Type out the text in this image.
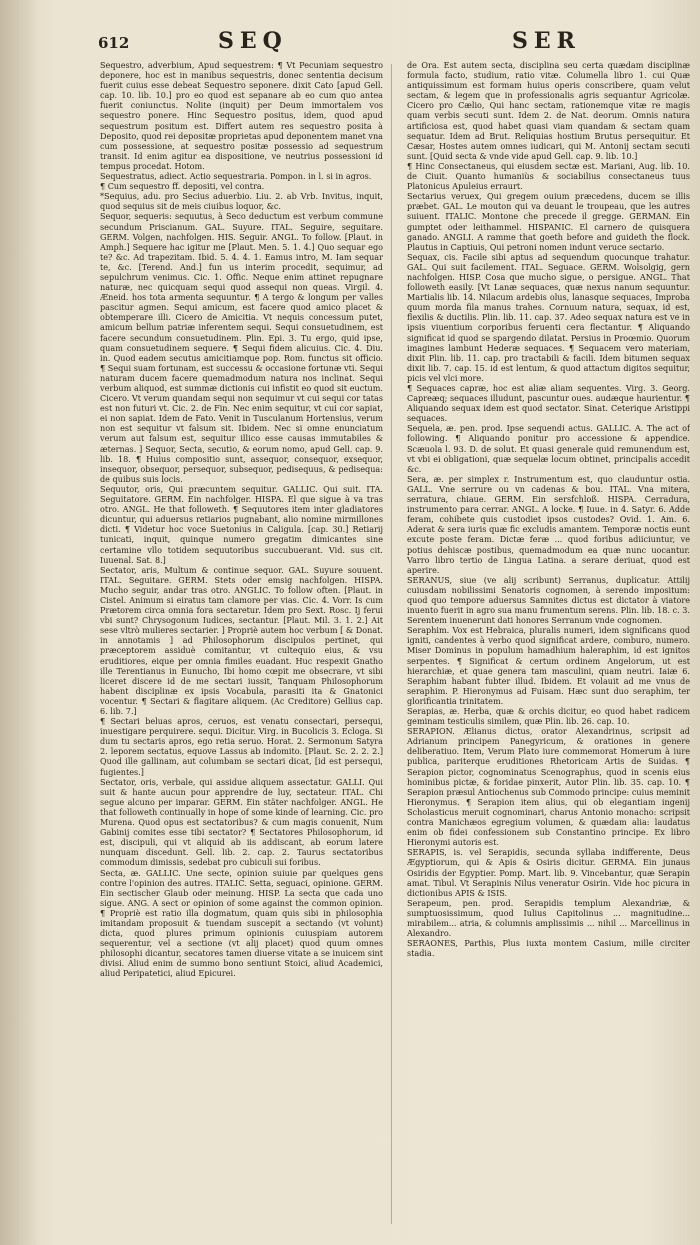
612	SEQ	SER

Sequestro, adverbium, Apud sequestrem: ¶ Vt Pecuniam sequestro deponere, hoc est in manibus sequestris, donec sententia decisum fuerit cuius esse debeat Sequestro seponere. dixit Cato [apud Gell. cap. 10. lib. 10.] pro eo quod est sepanare ab eo cum quo antea fuerit coniunctus. Nolite (inquit) per Deum immortalem vos sequestro ponere. Hinc Sequestro positus, idem, quod apud sequestrum positum est. Differt autem res sequestro posita à Deposito, quod rei depositæ proprietas apud deponentem manet vna cum possessione, at sequestro positæ possessio ad sequestrum transit. Id enim agitur ea dispositione, ve neutrius possessioni id tempus procedat. Hotom.

Sequestratus, adiect. Actio sequestraria. Pompon. in l. si in agros.

¶ Cum sequestro ff. depositi, vel contra.

*Sequius, adu. pro Secius aduerbio. Liu. 2. ab Vrb. Invitus, inquit, quod sequius sit de meis ciuibus loquor, &c.

Sequor, sequeris: sequutus, à Seco deductum est verbum commune secundum Priscianum. GAL. Suyure. ITAL. Seguire, seguitare. GERM. Volgen, nachfolgen. HIS. Seguir. ANGL. To follow. [Plaut. in Amph.] Sequere hac igitur me [Plaut. Men. 5. 1. 4.] Quo sequar ego te? &c. Ad trapezitam. Ibid. 5. 4. 4. 1. Eamus intro, M. Iam sequar te, &c. [Terend. And.] fun us interim procedit, sequimur, ad sepulchrum venimus. Cic. 1. Offic. Neque enim attinet repugnare naturæ, nec quicquam sequi quod assequi non queas. Virgil. 4. Æneid. hos tota armenta sequuntur. ¶ A tergo & longum per valles pascitur agmen. Sequi amicum, est facere quod amico placet & obtemperare illi. Cicero de Amicitia. Vt nequis concessum putet, amicum bellum patriæ inferentem sequi. Sequi consuetudinem, est facere secundum consuetudinem. Plin. Epi. 3. Tu ergo, quid ipse, quam consuetudinem sequere. ¶ Sequi fidem alicuius. Cic. 4. Diu. in. Quod eadem secutus amicitiamque pop. Rom. functus sit officio. ¶ Sequi suam fortunam, est successu & occasione fortunæ vti. Sequi naturam ducem facere quemadmodum natura nos inclinat. Sequi verbum aliquod, est summæ dictionis cui infistit eo quod sit euctum. Cicero. Vt verum quandam sequi non sequimur vt cui sequi cor tatas est non futuri vt. Cic. 2. de Fin. Nec enim sequitur, vt cui cor sapiat, ei non sapiat. Idem de Fato. Venit in Tusculanum Hortensius, verum non est sequitur vt falsum sit. Ibidem. Nec si omne enunciatum verum aut falsum est, sequitur illico esse causas immutabiles & æternas. ] Sequor, Secta, secutio, & eorum nomo, apud Gell. cap. 9. lib. 18. ¶ Huius compositio sunt, assequor, consequor, exsequor, insequor, obsequor, persequor, subsequor, pedisequus, & pedisequa: de quibus suis locis.

Sequutor, oris, Qui præcuntem sequitur. GALLIC. Qui suit. ITA. Seguitatore. GERM. Ein nachfolger. HISPA. El que sigue à va tras otro. ANGL. He that followeth. ¶ Sequutores item inter gladiatores dicuntur, qui aduersus retiarios pugnabant, alio nomine mirmillones dicti. ¶ Videtur hoc voce Suetonius in Caligula. [cap. 30.] Retiarij tunicati, inquit, quinque numero gregatim dimicantes sine certamine vllo totidem sequutoribus succubuerant. Vid. sus cit. Iuuenal. Sat. 8.]

Sectator, aris, Multum & continue sequor. GAL. Suyure souuent. ITAL. Seguitare. GERM. Stets oder emsig nachfolgen. HISPA. Mucho seguir, andar tras otro. ANGLIC. To follow often. [Plaut. in Cistel. Animum si eiratus tam clamore per vias. Cic. 4. Vorr. Is cum Prætorem circa omnia fora sectaretur. Idem pro Sext. Rosc. Ij ferui vbi sunt? Chrysogonum Iudices, sectantur. [Plaut. Mil. 3. 1. 2.] Ait sese vltrò mulieres sectarier. ] Propriè autem hoc verbum [ & Donat. in annotamis ] ad Philosophorum discipulos pertinet, qui præceptorem assiduè comitantur, vt cultequio eius, & vsu eruditiores, eique per omnia fimiles euadant. Huc respexit Gnatho ille Terentianus in Eunucho, Ibi homo cœpit me obsecrare, vt sibi liceret discere id de me sectari iussit, Tanquam Philosophorum habent disciplinæ ex ipsis Vocabula, parasiti ita & Gnatonici vocentur. ¶ Sectari & flagitare aliquem. (Ac Creditore) Gellius cap. 6. lib. 7.]

¶ Sectari beluas apros, ceruos, est venatu consectari, persequi, inuestigare perquirere. sequi. Dicitur. Virg. in Bucolicis 3. Ecloga. Si dum tu sectaris apros, ego retia seruo. Horat. 2. Sermonum Satyra 2. leporem sectatus, equove Lassus ab indomito. [Plaut. Sc. 2. 2. 2.] Quod ille gallinam, aut columbam se sectari dicat, [id est persequi, fugientes.]

Sectator, oris, verbale, qui assidue aliquem assectatur. GALLI. Qui suit & hante aucun pour apprendre de luy, sectateur. ITAL. Chi segue alcuno per imparar. GERM. Ein stäter nachfolger. ANGL. He that followeth continually in hope of some kinde of learning. Cic. pro Murena. Quod opus est sectatoribus? & cum magis conuenit, Num Gabinij comites esse tibi sectator? ¶ Sectatores Philosophorum, id est, discipuli, qui vt aliquid ab iis addiscant, ab eorum latere nunquam discedunt. Gell. lib. 2. cap. 2. Taurus sectatoribus commodum dimissis, sedebat pro cubiculi sui foribus.

Secta, æ. GALLIC. Une secte, opinion suiuie par quelques gens contre l'opinion des autres. ITALIC. Setta, seguaci, opinione. GERM. Ein sectischer Glaub oder meinung. HISP. La secta que cada uno sigue. ANG. A sect or opinion of some against the common opinion. ¶ Propriè est ratio illa dogmatum, quam quis sibi in philosophia imitandam proposuit & tuendam suscepit a sectando (vt volunt) dicta, quod plures primum opinionis cuiuspiam autorem sequerentur, vel a sectione (vt alij placet) quod quum omnes philosophi dicantur, secatores tamen diuerse vitate a se inuicem sint divisi. Aliud enim de summo bono sentiunt Stoici, aliud Academici, aliud Peripatetici, aliud Epicurei.

de Ora. Est autem secta, disciplina seu certa quædam disciplinæ formula facto, studium, ratio vitæ. Columella libro 1. cui Quæ antiquissimum est formam huius operis conscribere, quam velut sectam, & legem que in professionalis agris sequantur Agricolæ. Cicero pro Cælio, Qui hanc sectam, rationemque vitæ re magis quam verbis secuti sunt. Idem 2. de Nat. deorum. Omnis natura artificiosa est, quod habet quasi viam quandam & sectam quam sequatur. Idem ad Brut. Reliquias hostium Brutus persequitur. Et Cæsar, Hostes autem omnes iudicari, qui M. Antonij sectam secuti sunt. [Quid secta & vnde vide apud Gell. cap. 9. lib. 10.]

¶ Hinc Consectaneus, qui eiusdem sectæ est. Mariani, Aug. lib. 10. de Ciuit. Quanto humaniùs & sociabilius consectaneus tuus Platonicus Apuleius erraurt.

Sectarius veruex, Qui gregem ouium præcedens, ducem se illis præbet. GAL. Le mouton qui va deuant le troupeau, que les autres suiuent. ITALIC. Montone che precede il gregge. GERMAN. Ein gumptet oder leithammel. HISPANIC. El carnero de quisquera ganado. ANGLI. A ramme that goeth before and guideth the flock. Plautus in Captiuis, Qui petroni nomen indunt veruce sectario.

Sequax, cis. Facile sibi aptus ad sequendum quocunque trahatur. GAL. Qui suit facilement. ITAL. Seguace. GERM. Wolsolgig, gern nachfolgen. HISP. Cosa que mucho sigue, o persigue. ANGL. That followeth easily. [Vt Lanæ sequaces, quæ nexus nanum sequuntur. Martialis lib. 14. Nilacum ardebis olus, lanasque sequaces, Improba quum morda fila manus trahes. Cornuum natura, sequax, id est, flexilis & ductilis. Plin. lib. 11. cap. 37. Adeo sequax natura est ve in ipsis viuentium corporibus feruenti cera flectantur. ¶ Aliquando significat id quod se spargendo dilatat. Persius in Proœmio. Quorum imagines lambunt Hederæ sequaces. ¶ Sequacem vero materiam, dixit Plin. lib. 11. cap. pro tractabili & facili. Idem bitumen sequax dixit lib. 7. cap. 15. id est lentum, & quod attactum digitos sequitur, picis vel vlci more.

¶ Sequaces capræ, hoc est aliæ aliam sequentes. Virg. 3. Georg. Capreæq; sequaces illudunt, pascuntur oues. audæque haurientur. ¶ Aliquando sequax idem est quod sectator. Sinat. Ceterique Aristippi sequaces.

Sequela, æ. pen. prod. Ipse sequendi actus. GALLIC. A. The act of following. ¶ Aliquando ponitur pro accessione & appendice. Scæuola l. 93. D. de solut. Et quasi generale quid remunendum est, vt vbi ei obligationi, quæ sequelæ locum obtinet, principalis accedit &c.

Sera, æ. per simplex r. Instrumentum est, quo clauduntur ostia. GALL. Vne serrure ou vn cadenas & bou. ITAL. Vna mitera, serratura, chiaue. GERM. Ein sersfchloß. HISPA. Cerradura, instrumento para cerrar. ANGL. A locke. ¶ Iuue. in 4. Satyr. 6. Adde feram, cohibete quis custodiet ipsos custodes? Ovid. 1. Am. 6. Aderat & sera iuris quæ fic excludis amantem. Temporæ noctis eunt excute poste feram. Dictæ feræ ... quod foribus adiiciuntur, ve potius dehiscæ postibus, quemadmodum ea quæ nunc uocantur. Varro libro tertio de Lingua Latina. a serare deriuat, quod est aperire.

SERANUS, siue (ve alij scribunt) Serranus, duplicatur. Attilij cuiusdam nobilissimi Senatoris cognomen, à serendo impositum: quod quo tempore aduersus Samnites dictus est dictator à viatore inuento fuerit in agro sua manu frumentum serens. Plin. lib. 18. c. 3. Serentem inuenerunt dati honores Serranum vnde cognomen.

Seraphim. Vox est Hebraica, pluralis numeri, idem significans quod igniti, candentes à verbo quod significat ardere, comburo, numero. Miser Dominus in populum hamadhium haleraphim, id est ignitos serpentes. ¶ Significat & certum ordinem Angelorum, ut est hierarchiæ, et quae genera tam masculini, quam neutri. Iaiæ 6. Seraphim habant fubter illud. Ibidem. Et volauit ad me vnus de seraphim. P. Hieronymus ad Fuisam. Hæc sunt duo seraphim, ter glorificantia trinitatem.

Serapias, æ. Herba, quæ & orchis dicitur, eo quod habet radicem geminam testiculis similem, quæ Plin. lib. 26. cap. 10.

SERAPION. Ælianus dictus, orator Alexandrinus, scripsit ad Adrianum principem Panegyricum, & orationes in genere deliberatiuo. Item, Verum Plato iure commemorat Homerum à iure publica, pariterque eruditiones Rhetoricam Artis de Suidas. ¶ Serapion pictor, cognominatus Scenographus, quod in scenis eius hominibus pictæ, & foridae pinxerit, Autor Plin. lib. 35. cap. 10. ¶ Serapion præsul Antiochenus sub Commodo principe: cuius meminit Hieronymus. ¶ Serapion item alius, qui ob elegantiam ingenij Scholasticus meruit cognominari, charus Antonio monacho: scripsit contra Manichæos egregium volumen, & quædam alia: laudatus enim ob fidei confessionem sub Constantino principe. Ex libro Hieronymi autoris est.

SERAPIS, is. vel Serapidis, secunda syllaba indifferente, Deus Ægyptiorum, qui & Apis & Osiris dicitur. GERMA. Ein junaus Osiridis der Egyptier. Pomp. Mart. lib. 9. Vincebantur, quæ Serapin amat. Tibul. Vt Serapinis Nilus veneratur Osirin. Vide hoc picura in dictionibus APIS & ISIS.

Serapeum, pen. prod. Serapidis templum Alexandriæ, & sumptuosissimum, quod Iulius Capitolinus ... magnitudine... mirabilem... atria, & columnis amplissimis ... nihil ... Marcellinus in Alexandro.

SERAONES, Parthis, Plus iuxta montem Casium, mille circiter stadia.
